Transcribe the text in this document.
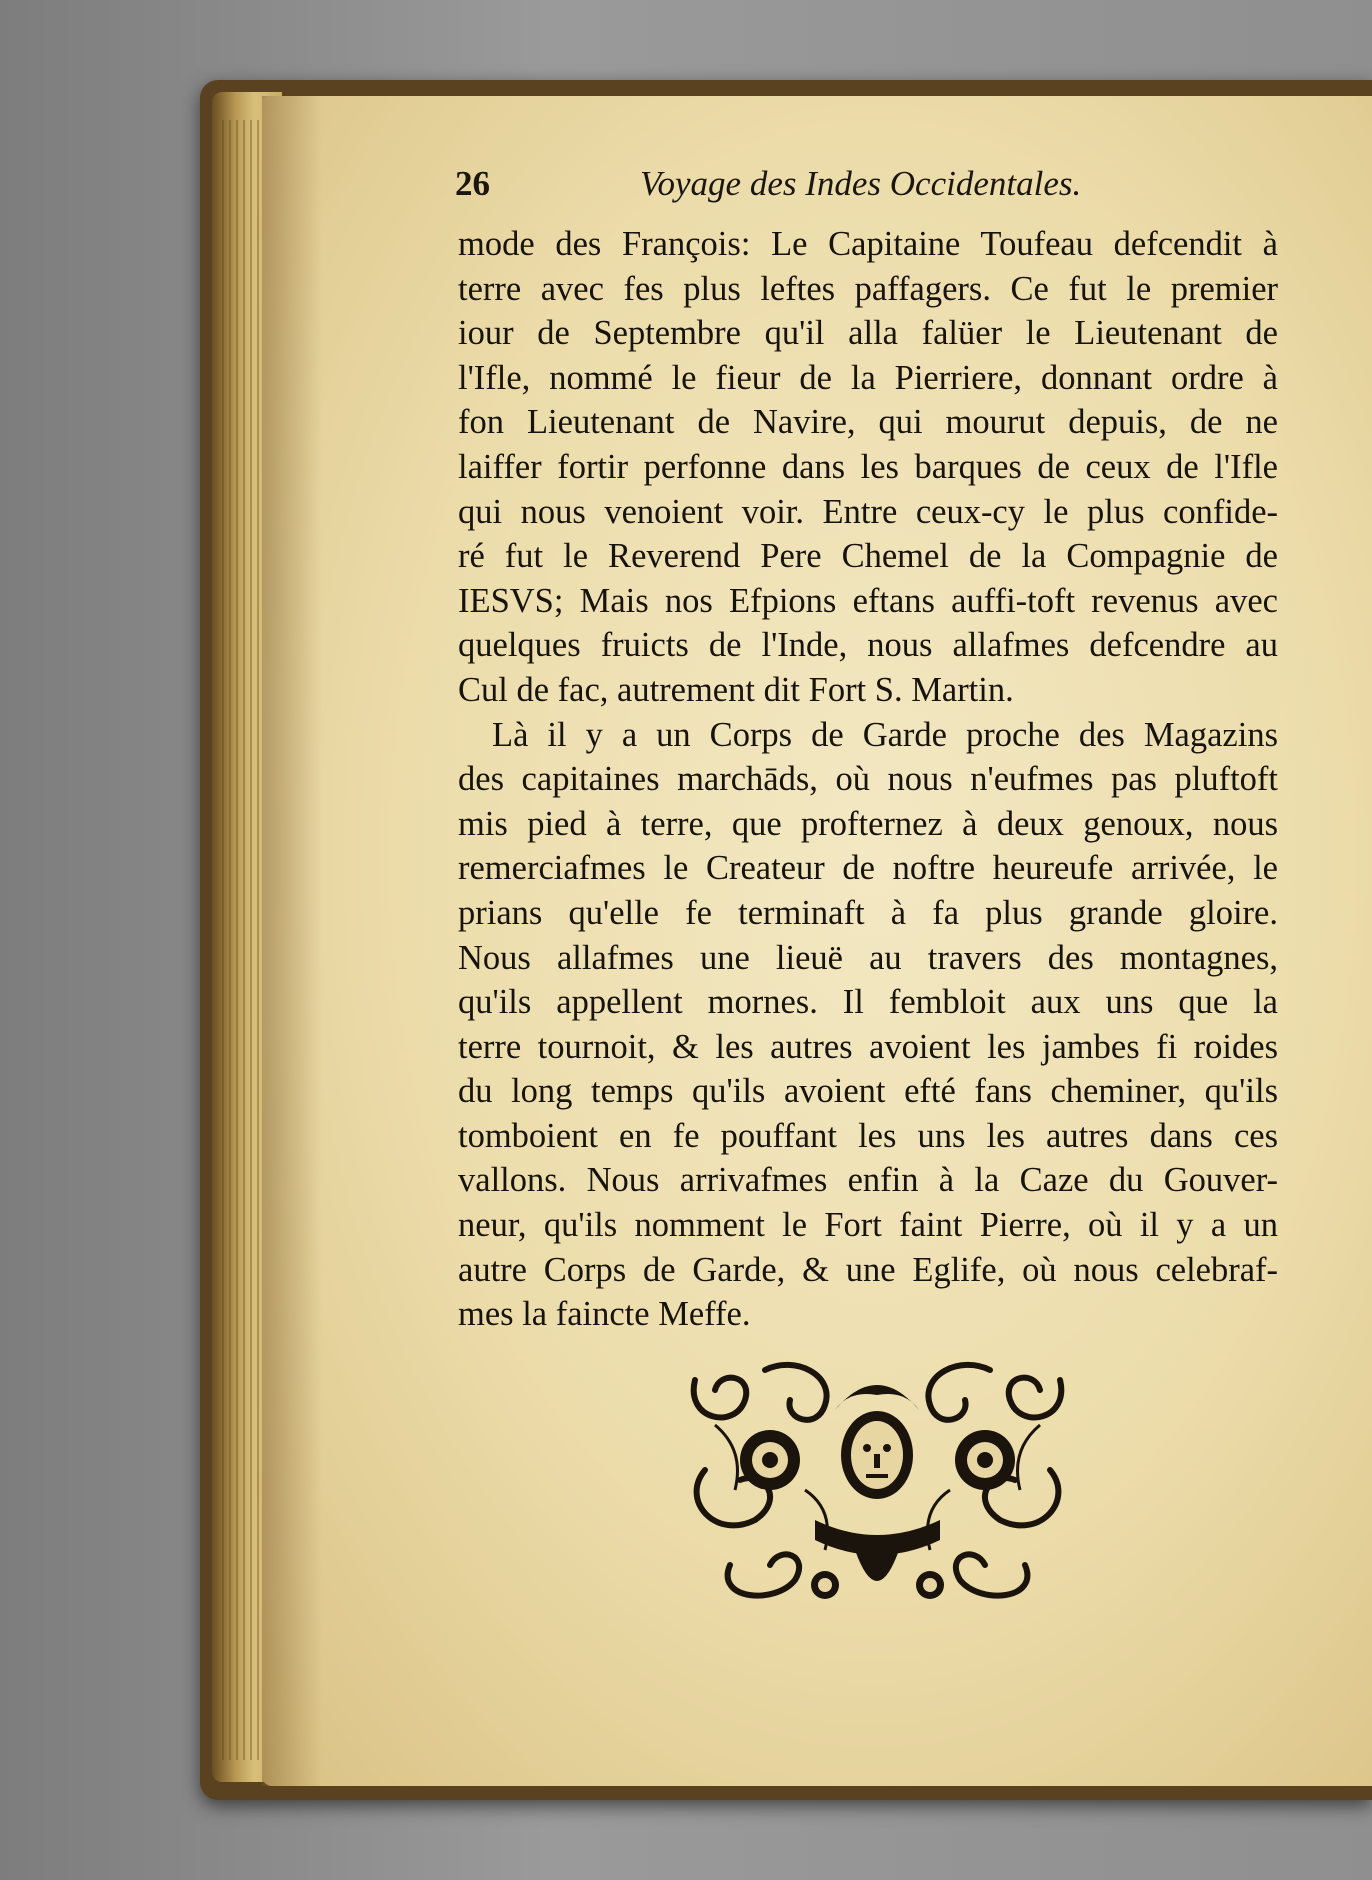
26	Voyage des Indes Occidentales.
mode des François: Le Capitaine Toufeau defcendit à
terre avec fes plus leftes paffagers. Ce fut le premier
iour de Septembre qu'il alla falüer le Lieutenant de
l'Ifle, nommé le fieur de la Pierriere, donnant ordre à
fon Lieutenant de Navire, qui mourut depuis, de ne
laiffer fortir perfonne dans les barques de ceux de l'Ifle
qui nous venoient voir. Entre ceux-cy le plus confide-
ré fut le Reverend Pere Chemel de la Compagnie de
IESVS; Mais nos Efpions eftans auffi-toft revenus avec
quelques fruicts de l'Inde, nous allafmes defcendre au
Cul de fac, autrement dit Fort S. Martin.
Là il y a un Corps de Garde proche des Magazins
des capitaines marchāds, où nous n'eufmes pas pluftoft
mis pied à terre, que profternez à deux genoux, nous
remerciafmes le Createur de noftre heureufe arrivée, le
prians qu'elle fe terminaft à fa plus grande gloire.
Nous allafmes une lieuë au travers des montagnes,
qu'ils appellent mornes. Il fembloit aux uns que la
terre tournoit, & les autres avoient les jambes fi roides
du long temps qu'ils avoient efté fans cheminer, qu'ils
tomboient en fe pouffant les uns les autres dans ces
vallons. Nous arrivafmes enfin à la Caze du Gouver-
neur, qu'ils nomment le Fort faint Pierre, où il y a un
autre Corps de Garde, & une Eglife, où nous celebraf-
mes la faincte Meffe.
